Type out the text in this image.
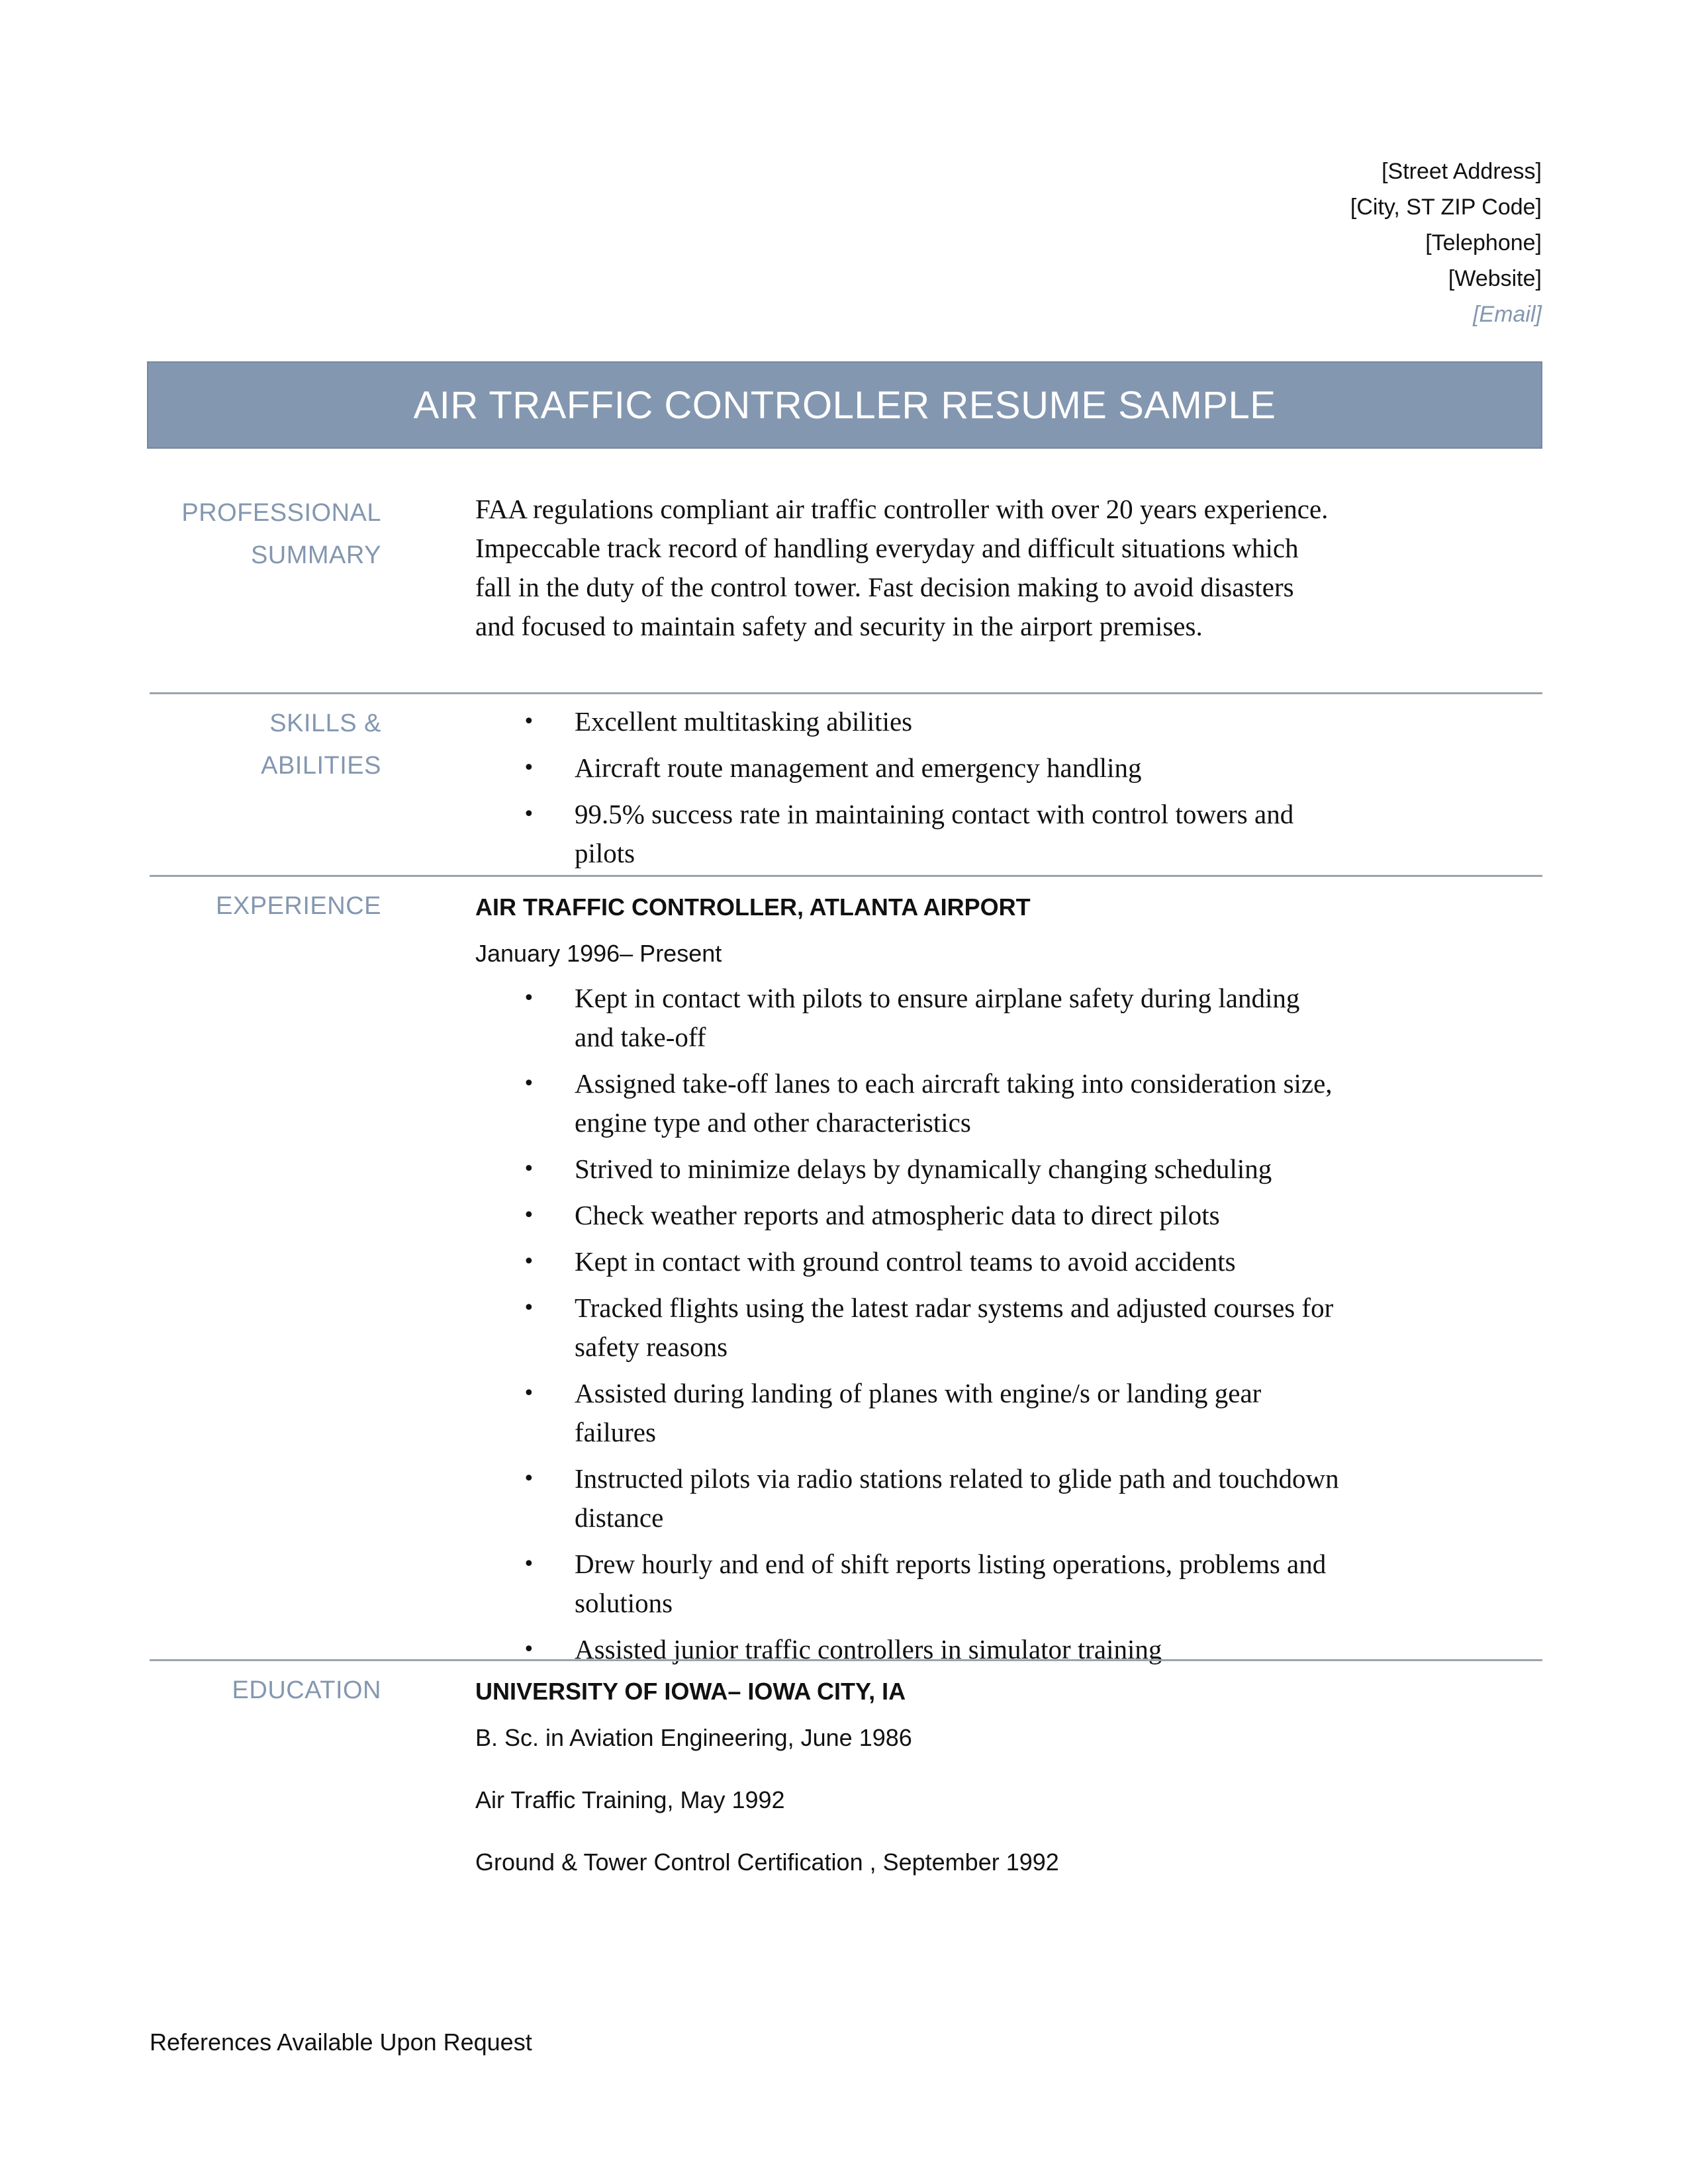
[Street Address]
[City, ST ZIP Code]
[Telephone]
[Website]
[Email]
AIR TRAFFIC CONTROLLER RESUME SAMPLE
PROFESSIONAL
SUMMARY
FAA regulations compliant air traffic controller with over 20 years experience. Impeccable track record of handling everyday and difficult situations which fall in the duty of the control tower. Fast decision making to avoid disasters and focused to maintain safety and security in the airport premises.
SKILLS & ABILITIES
• Excellent multitasking abilities
• Aircraft route management and emergency handling
• 99.5% success rate in maintaining contact with control towers and pilots
EXPERIENCE	AIR TRAFFIC CONTROLLER, ATLANTA AIRPORT
January 1996– Present
• Kept in contact with pilots to ensure airplane safety during landing and take-off
• Assigned take-off lanes to each aircraft taking into consideration size, engine type and other characteristics
• Strived to minimize delays by dynamically changing scheduling
• Check weather reports and atmospheric data to direct pilots
• Kept in contact with ground control teams to avoid accidents
• Tracked flights using the latest radar systems and adjusted courses for safety reasons
• Assisted during landing of planes with engine/s or landing gear failures
• Instructed pilots via radio stations related to glide path and touchdown distance
• Drew hourly and end of shift reports listing operations, problems and solutions
• Assisted junior traffic controllers in simulator training
EDUCATION	UNIVERSITY OF IOWA– IOWA CITY, IA
B. Sc. in Aviation Engineering, June 1986
Air Traffic Training, May 1992
Ground & Tower Control Certification , September 1992
References Available Upon Request
